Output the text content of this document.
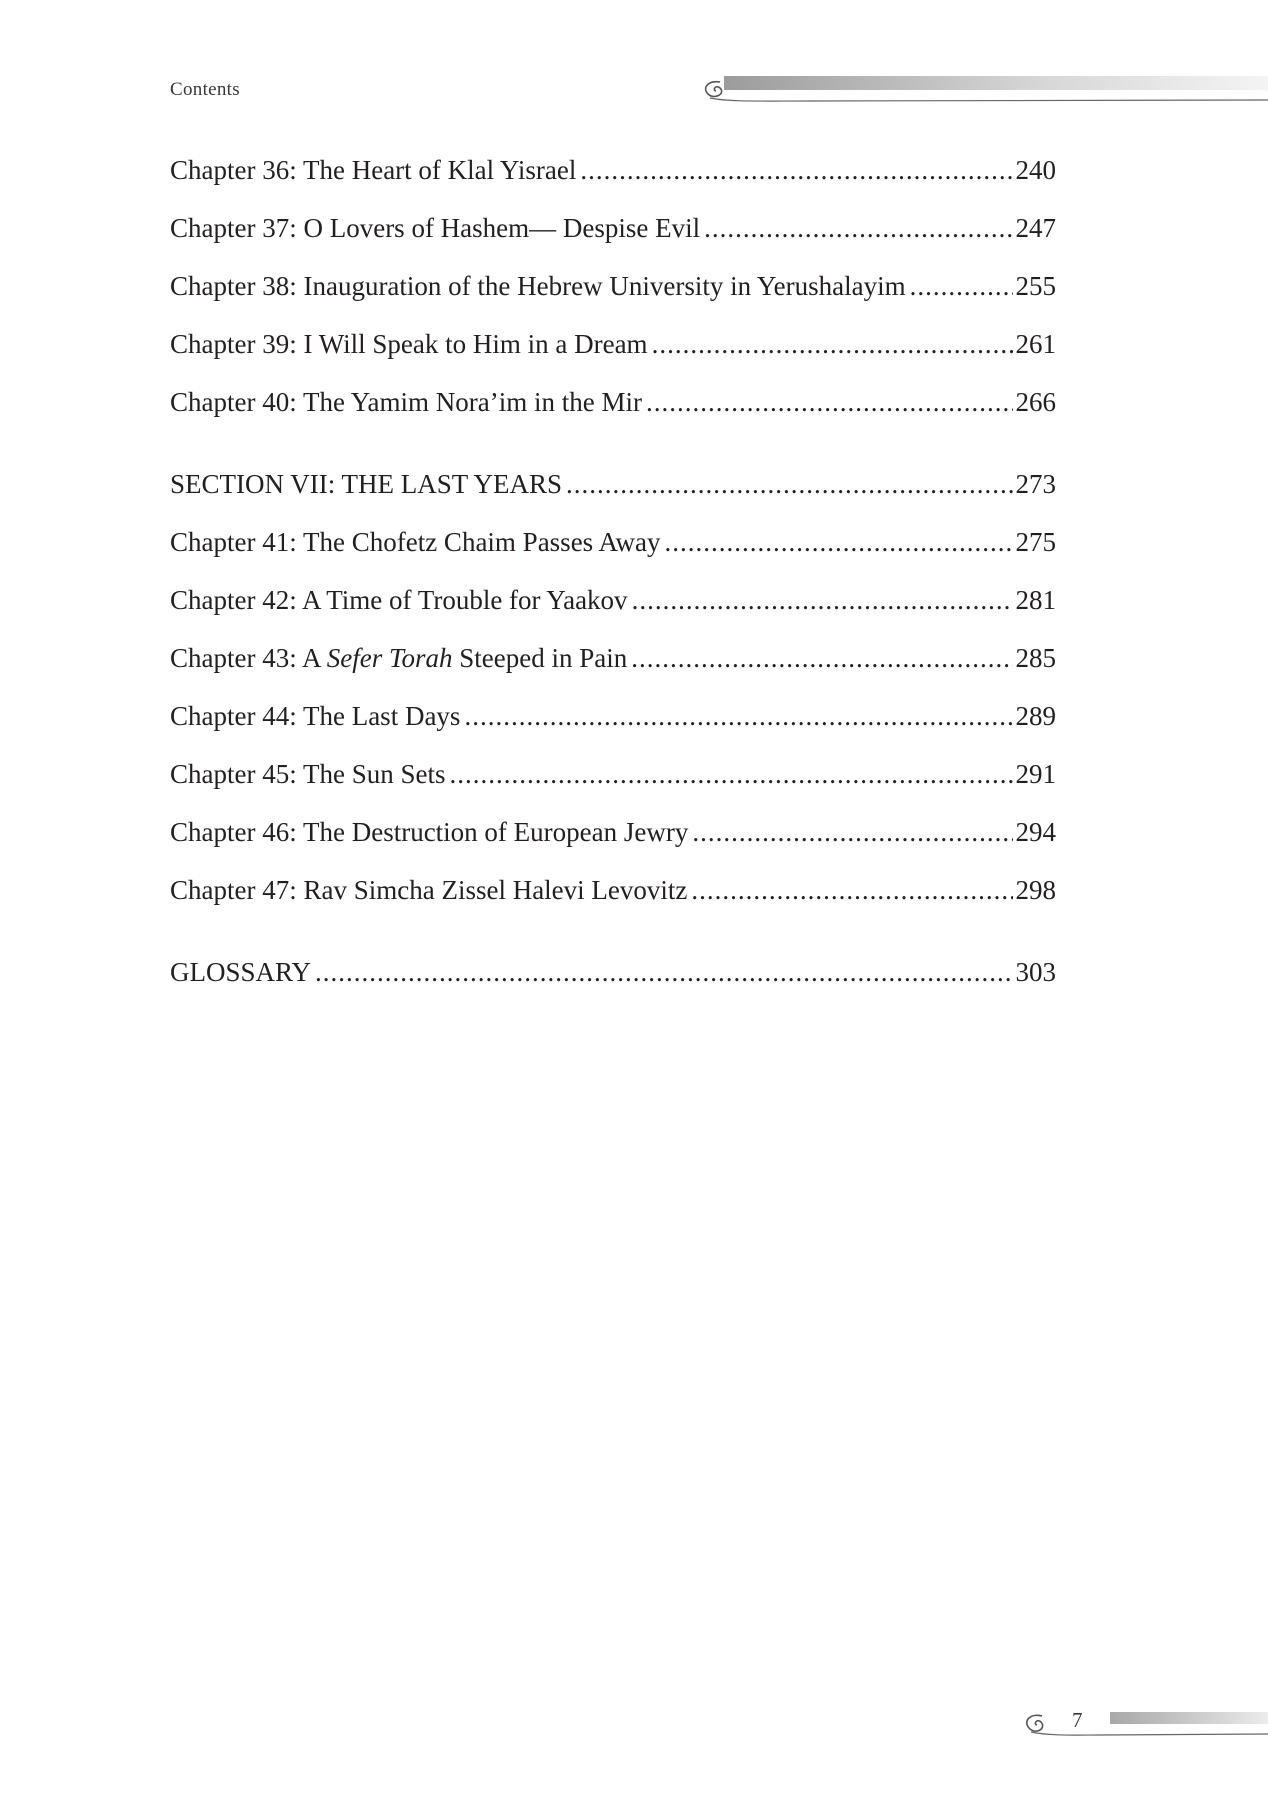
Contents
Chapter 36: The Heart of Klal Yisrael .....	240
Chapter 37: O Lovers of Hashem— Despise Evil .....	247
Chapter 38: Inauguration of the Hebrew University in Yerushalayim .....	255
Chapter 39: I Will Speak to Him in a Dream .....	261
Chapter 40: The Yamim Nora’im in the Mir .....	266
SECTION VII: THE LAST YEARS .....	273
Chapter 41: The Chofetz Chaim Passes Away .....	275
Chapter 42: A Time of Trouble for Yaakov .....	281
Chapter 43: A Sefer Torah Steeped in Pain .....	285
Chapter 44: The Last Days .....	289
Chapter 45: The Sun Sets .....	291
Chapter 46: The Destruction of European Jewry .....	294
Chapter 47: Rav Simcha Zissel Halevi Levovitz .....	298
GLOSSARY .....	303
7
